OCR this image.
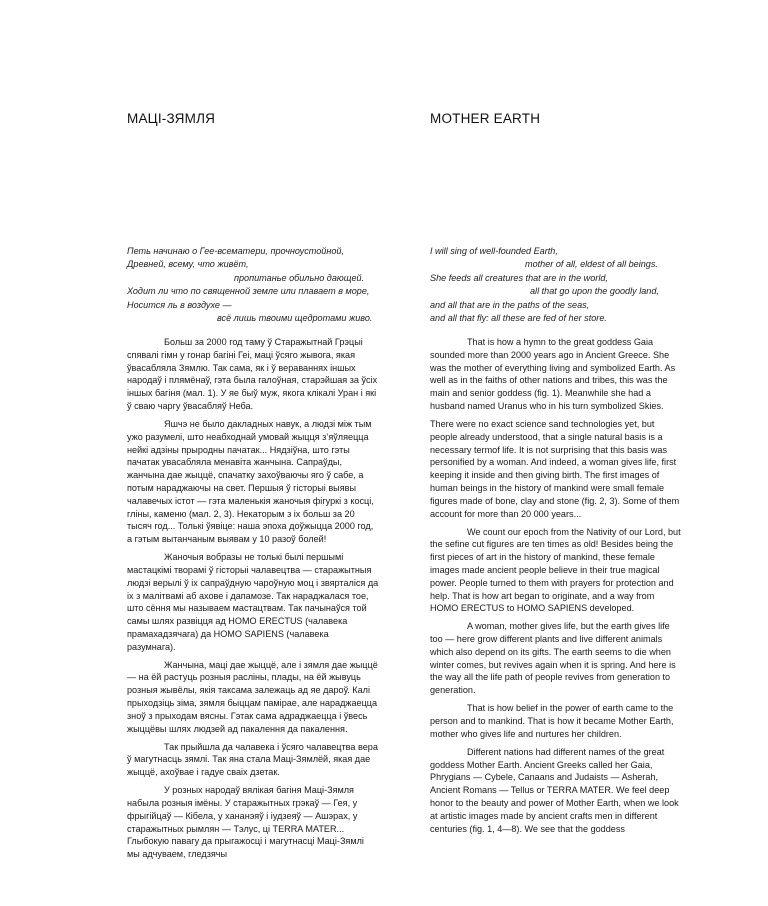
МАЦІ-ЗЯМЛЯ
Петь начинаю о Гее-всематери, прочноустойной,
Древней, всему, что живёт,
пропитанье обильно дающей.
Ходит ли что по священной земле или плавает в море,
Носится ль в воздухе —
всё лишь твоими щедротами живо.

Больш за 2000 год таму ў Старажытнай Грэцыі спявалі гімн у гонар багіні Геі, маці ўсяго жывога, якая ўвасабляла Зямлю. Так сама, як і ў вераваннях іншых народаў і плямёнаў, гэта была галоўная, старэйшая за ўсіх іншых багіня (мал. 1). У яе быў муж, якога клікалі Уран і які ў сваю чаргу ўвасабляў Неба.

Яшчэ не было дакладных навук, а людзі між тым ужо разумелі, што неабходнай умовай жыцця з’яўляецца нейкі адзіны прыродны пачатак... Нядзіўна, што гэты пачатак увасабляла менавіта жанчына. Сапраўды, жанчына дае жыццё, спачатку захоўваючы яго ў сабе, а потым нараджаючы на свет. Першыя ў гісторыі выявы чалавечых істот — гэта маленькія жаночыя фігуркі з косці, гліны, каменю (мал. 2, 3). Некаторым з іх больш за 20 тысяч год... Толькі ўявіце: наша эпоха доўжыцца 2000 год, а гэтым вытанчаным выявам у 10 разоў болей!

Жаночыя вобразы не толькі былі першымі мастацкімі творамі ў гісторыі чалавецтва — старажытныя людзі верылі ў іх сапраўдную чароўную моц і звярталіся да іх з малітвамі аб ахове і дапамозе. Так нараджалася тое, што сёння мы называем мастацтвам. Так пачынаўся той самы шлях развіцця ад HOMO ERECTUS (чалавека прамахадзячага) да HOMO SAPIENS (чалавека разумнага).

Жанчына, маці дае жыццё, але і зямля дае жыццё — на ёй растуць розныя расліны, плады, на ёй жывуць розныя жывёлы, якія таксама залежаць ад яе дароў. Калі прыходзіць зіма, зямля быццам паміраe, але нараджаецца зноў з прыходам вясны. Гэтак сама адраджаецца і ўвесь жыццёвы шлях людзей ад пакалення да пакалення.

Так прыйшла да чалавека і ўсяго чалавецтва вера ў магутнасць зямлі. Так яна стала Маці-Зямлёй, якая дае жыццё, ахоўвае і гадуе сваіх дзетак.

У розных народаў вялікая багіня Маці-Зямля набыла розныя імёны. У старажытных грэкаў — Гея, у фрыгійцаў — Кібела, у хананэяў і іудзеяў — Ашэрах, у старажытных рымлян — Тэлус, ці TERRA MATER... Глыбокую павагу да прыгажосці і магутнасці Маці-Зямлі мы адчуваем, гледзячы

MOTHER EARTH
I will sing of well-founded Earth,
mother of all, eldest of all beings.
She feeds all creatures that are in the world,
all that go upon the goodly land,
and all that are in the paths of the seas,
and all that fly: all these are fed of her store.

That is how a hymn to the great goddess Gaia sounded more than 2000 years ago in Ancient Greece. She was the mother of everything living and symbolized Earth. As well as in the faiths of other nations and tribes, this was the main and senior goddess (fig. 1). Meanwhile she had a husband named Uranus who in his turn symbolized Skies.

There were no exact science sand technologies yet, but people already understood, that a single natural basis is a necessary termof life. It is not surprising that this basis was personified by a woman. And indeed, a woman gives life, first keeping it inside and then giving birth. The first images of human beings in the history of mankind were small female figures made of bone, clay and stone (fig. 2, 3). Some of them account for more than 20 000 years...

We count our epoch from the Nativity of our Lord, but the sefine cut figures are ten times as old! Besides being the first pieces of art in the history of mankind, these female images made ancient people believe in their true magical power. People turned to them with prayers for protection and help. That is how art began to originate, and a way from HOMO ERECTUS to HOMO SAPIENS developed.

A woman, mother gives life, but the earth gives life too — here grow different plants and live different animals which also depend on its gifts. The earth seems to die when winter comes, but revives again when it is spring. And here is the way all the life path of people revives from generation to generation.

That is how belief in the power of earth came to the person and to mankind. That is how it became Mother Earth, mother who gives life and nurtures her children.

Different nations had different names of the great goddess Mother Earth. Ancient Greeks called her Gaia, Phrygians — Cybele, Canaans and Judaists — Asherah, Ancient Romans — Tellus or TERRA MATER. We feel deep honor to the beauty and power of Mother Earth, when we look at artistic images made by ancient crafts men in different centuries (fig. 1, 4—8). We see that the goddess
